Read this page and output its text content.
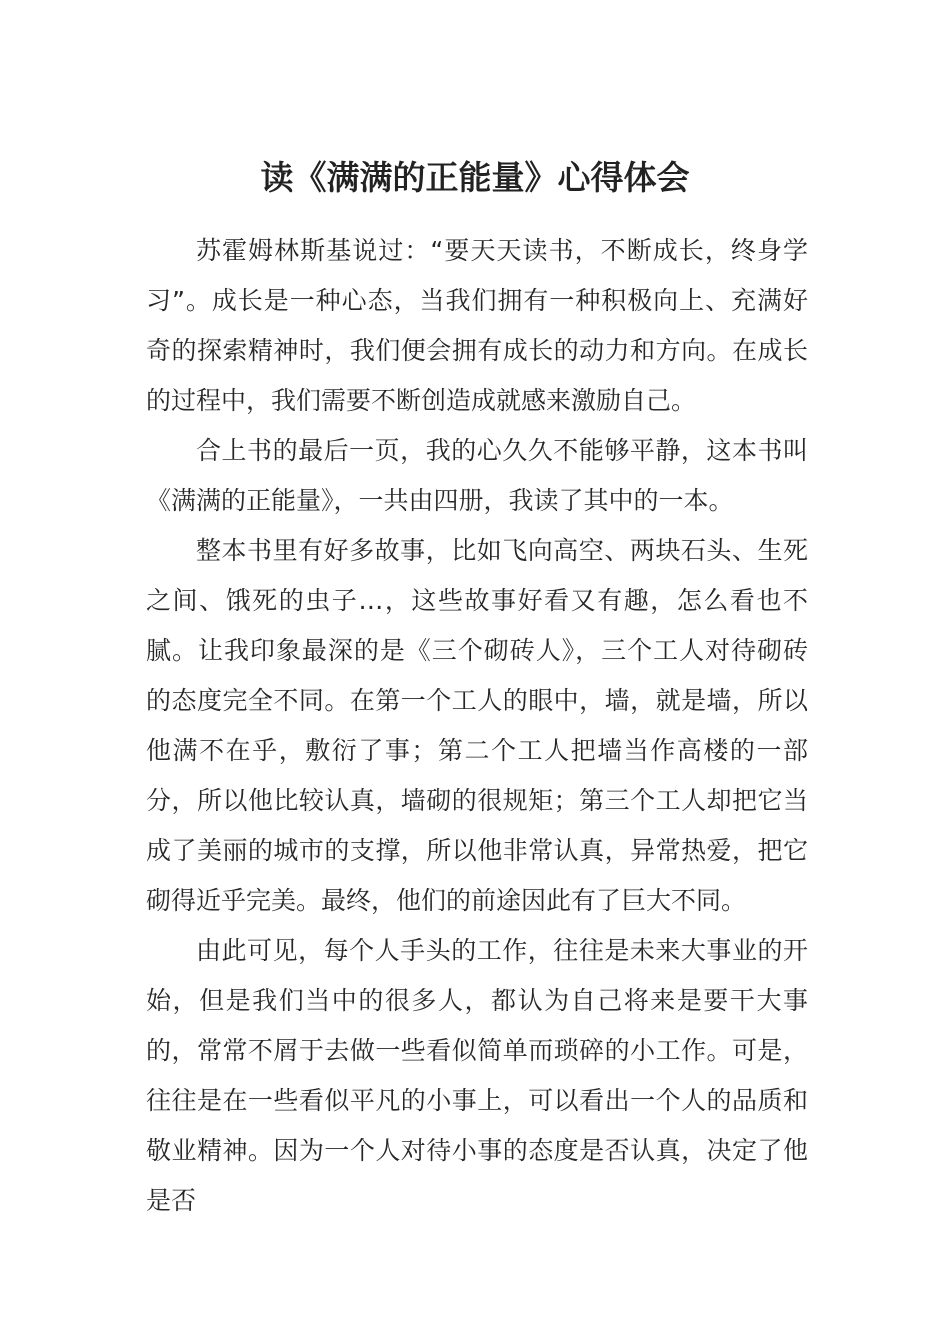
读《满满的正能量》心得体会

苏霍姆林斯基说过：“要天天读书，不断成长，终身学习”。成长是一种心态，当我们拥有一种积极向上、充满好奇的探索精神时，我们便会拥有成长的动力和方向。在成长的过程中，我们需要不断创造成就感来激励自己。

合上书的最后一页，我的心久久不能够平静，这本书叫《满满的正能量》，一共由四册，我读了其中的一本。

整本书里有好多故事，比如飞向高空、两块石头、生死之间、饿死的虫子…，这些故事好看又有趣，怎么看也不腻。让我印象最深的是《三个砌砖人》，三个工人对待砌砖的态度完全不同。在第一个工人的眼中，墙，就是墙，所以他满不在乎，敷衍了事；第二个工人把墙当作高楼的一部分，所以他比较认真，墙砌的很规矩；第三个工人却把它当成了美丽的城市的支撑，所以他非常认真，异常热爱，把它砌得近乎完美。最终，他们的前途因此有了巨大不同。

由此可见，每个人手头的工作，往往是未来大事业的开始，但是我们当中的很多人，都认为自己将来是要干大事的，常常不屑于去做一些看似简单而琐碎的小工作。可是，往往是在一些看似平凡的小事上，可以看出一个人的品质和敬业精神。因为一个人对待小事的态度是否认真，决定了他是否
